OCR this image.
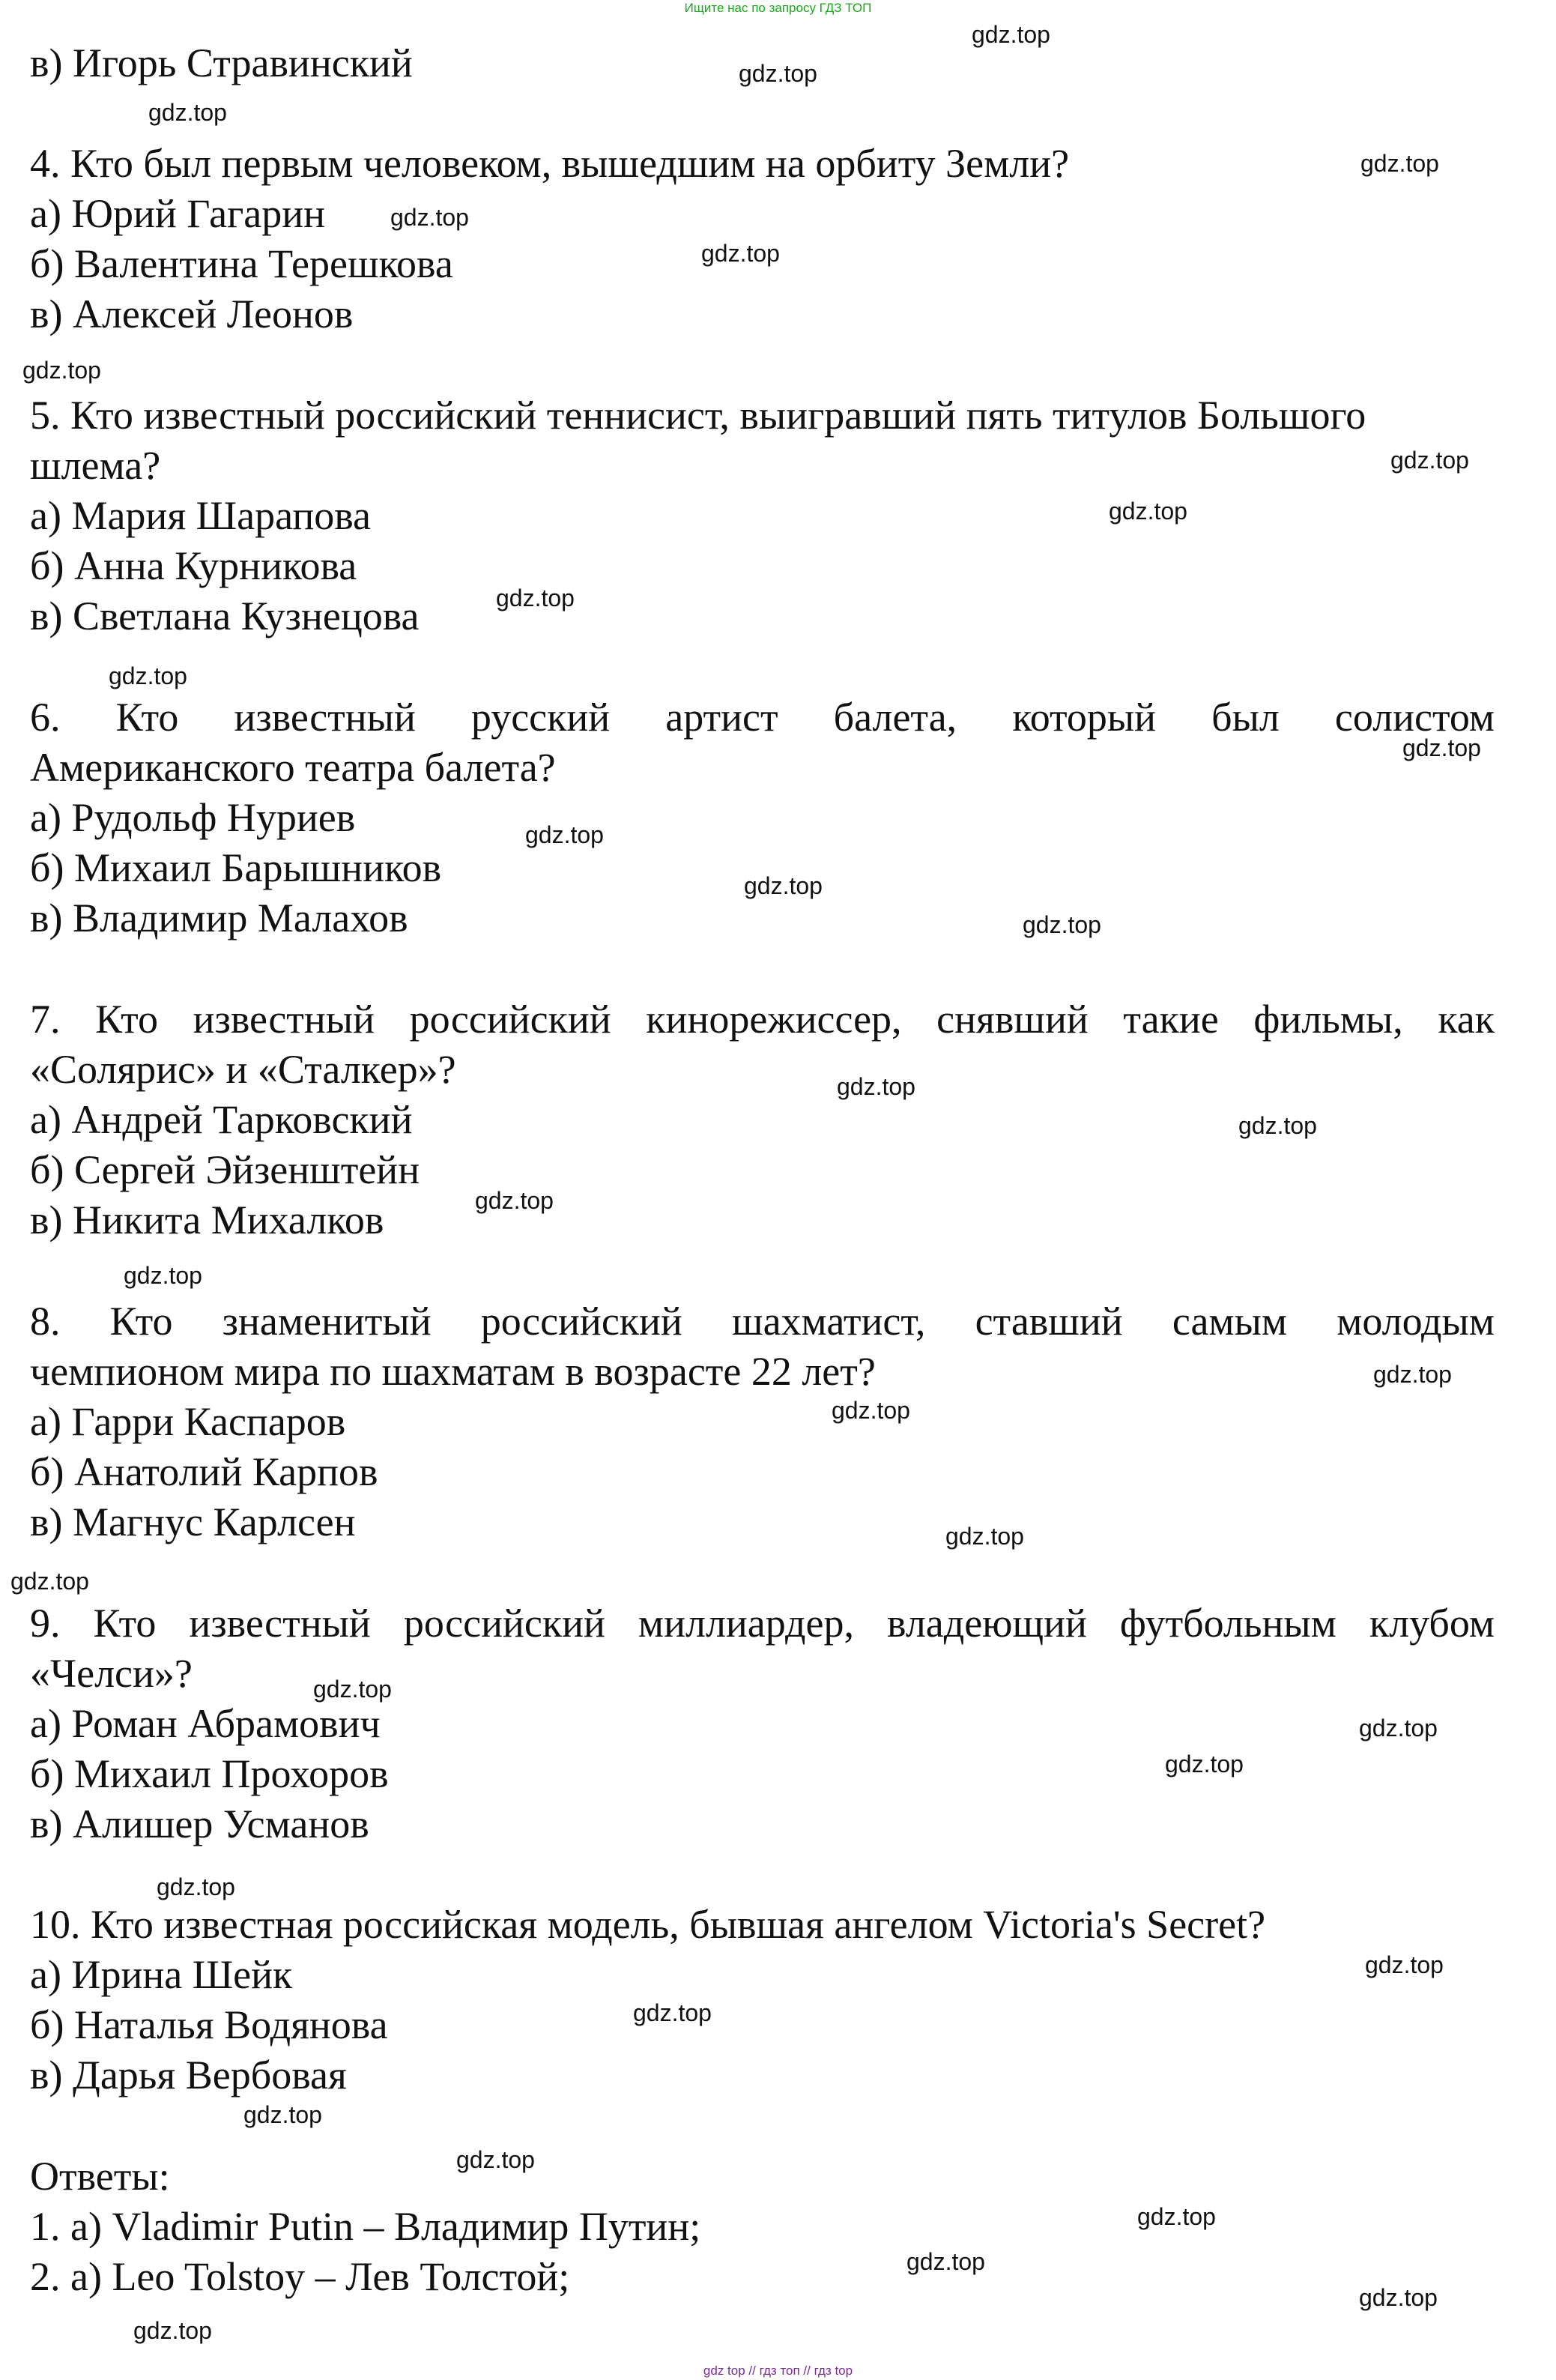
Ищите нас по запросу ГДЗ ТОП
в) Игорь Стравинский
4. Кто был первым человеком, вышедшим на орбиту Земли?
а) Юрий Гагарин
б) Валентина Терешкова
в) Алексей Леонов
5. Кто известный российский теннисист, выигравший пять титулов Большого
шлема?
а) Мария Шарапова
б) Анна Курникова
в) Светлана Кузнецова
6. Кто известный русский артист балета, который был солистом
Американского театра балета?
а) Рудольф Нуриев
б) Михаил Барышников
в) Владимир Малахов
7. Кто известный российский кинорежиссер, снявший такие фильмы, как
«Солярис» и «Сталкер»?
а) Андрей Тарковский
б) Сергей Эйзенштейн
в) Никита Михалков
8. Кто знаменитый российский шахматист, ставший самым молодым
чемпионом мира по шахматам в возрасте 22 лет?
а) Гарри Каспаров
б) Анатолий Карпов
в) Магнус Карлсен
9. Кто известный российский миллиардер, владеющий футбольным клубом
«Челси»?
а) Роман Абрамович
б) Михаил Прохоров
в) Алишер Усманов
10. Кто известная российская модель, бывшая ангелом Victoria's Secret?
а) Ирина Шейк
б) Наталья Водянова
в) Дарья Вербовая
Ответы:
1. а) Vladimir Putin – Владимир Путин;
2. а) Leo Tolstoy – Лев Толстой;
gdz.top
gdz.top
gdz.top
gdz.top
gdz.top
gdz.top
gdz.top
gdz.top
gdz.top
gdz.top
gdz.top
gdz.top
gdz.top
gdz.top
gdz.top
gdz.top
gdz.top
gdz.top
gdz.top
gdz.top
gdz.top
gdz.top
gdz.top
gdz.top
gdz.top
gdz.top
gdz.top
gdz.top
gdz.top
gdz.top
gdz.top
gdz.top
gdz.top
gdz.top
gdz.top
gdz top // гдз топ // гдз top
